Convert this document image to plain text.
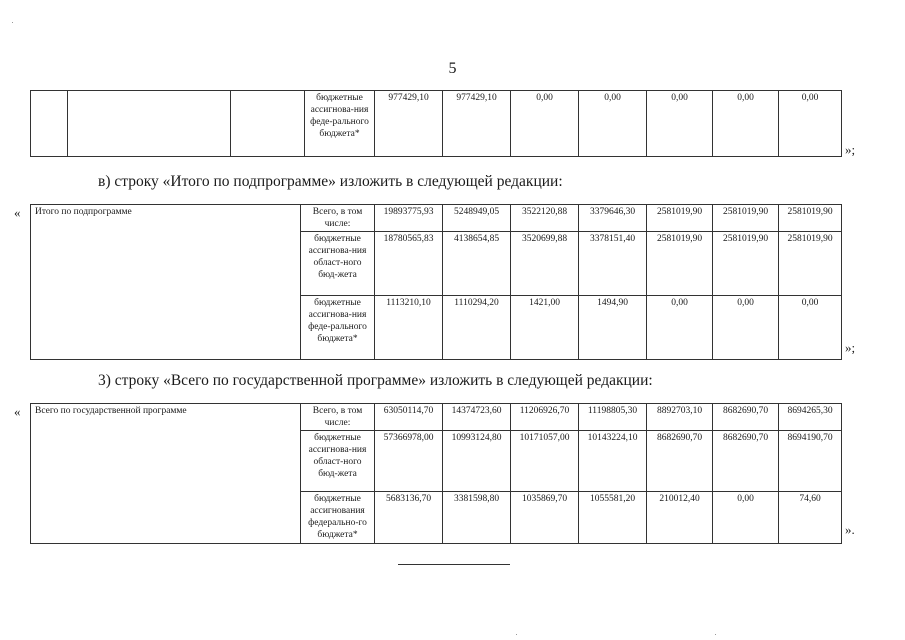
5
			бюджетные ассигнова-ния феде-рального бюджета*	977429,10	977429,10	0,00	0,00	0,00	0,00	0,00
»;
в) строку «Итого по подпрограмме» изложить в следующей редакции:
« Итого по подпрограмме	Всего, в том числе:	19893775,93	5248949,05	3522120,88	3379646,30	2581019,90	2581019,90	2581019,90
	бюджетные ассигнова-ния област-ного бюд-жета	18780565,83	4138654,85	3520699,88	3378151,40	2581019,90	2581019,90	2581019,90
	бюджетные ассигнова-ния феде-рального бюджета*	1113210,10	1110294,20	1421,00	1494,90	0,00	0,00	0,00
»;
3) строку «Всего по государственной программе» изложить в следующей редакции:
« Всего по государственной программе	Всего, в том числе:	63050114,70	14374723,60	11206926,70	11198805,30	8892703,10	8682690,70	8694265,30
	бюджетные ассигнова-ния област-ного бюд-жета	57366978,00	10993124,80	10171057,00	10143224,10	8682690,70	8682690,70	8694190,70
	бюджетные ассигнования федерально-го бюджета*	5683136,70	3381598,80	1035869,70	1055581,20	210012,40	0,00	74,60
».
